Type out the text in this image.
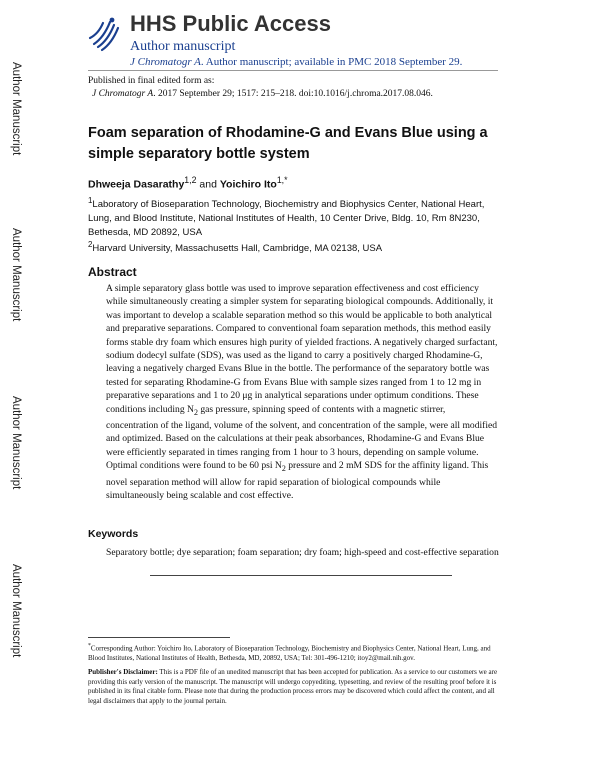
Author Manuscript
Author Manuscript
Author Manuscript
Author Manuscript
HHS Public Access
Author manuscript
J Chromatogr A. Author manuscript; available in PMC 2018 September 29.
Published in final edited form as:
J Chromatogr A. 2017 September 29; 1517: 215–218. doi:10.1016/j.chroma.2017.08.046.
Foam separation of Rhodamine-G and Evans Blue using a simple separatory bottle system
Dhweeja Dasarathy$^{1,2}$ and Yoichiro Ito$^{1,*}$
$^1$Laboratory of Bioseparation Technology, Biochemistry and Biophysics Center, National Heart, Lung, and Blood Institute, National Institutes of Health, 10 Center Drive, Bldg. 10, Rm 8N230, Bethesda, MD 20892, USA
$^2$Harvard University, Massachusetts Hall, Cambridge, MA 02138, USA
Abstract

A simple separatory glass bottle was used to improve separation effectiveness and cost efficiency while simultaneously creating a simpler system for separating biological compounds. Additionally, it was important to develop a scalable separation method so this would be applicable to both analytical and preparative separations. Compared to conventional foam separation methods, this method easily forms stable dry foam which ensures high purity of yielded fractions. A negatively charged surfactant, sodium dodecyl sulfate (SDS), was used as the ligand to carry a positively charged Rhodamine-G, leaving a negatively charged Evans Blue in the bottle. The performance of the separatory bottle was tested for separating Rhodamine-G from Evans Blue with sample sizes ranged from 1 to 12 mg in preparative separations and 1 to 20 μg in analytical separations under optimum conditions. These conditions including $N_2$ gas pressure, spinning speed of contents with a magnetic stirrer, concentration of the ligand, volume of the solvent, and concentration of the sample, were all modified and optimized. Based on the calculations at their peak absorbances, Rhodamine-G and Evans Blue were efficiently separated in times ranging from 1 hour to 3 hours, depending on sample volume. Optimal conditions were found to be 60 psi $N_2$ pressure and 2 mM SDS for the affinity ligand. This novel separation method will allow for rapid separation of biological compounds while simultaneously being scalable and cost effective.

Keywords

Separatory bottle; dye separation; foam separation; dry foam; high-speed and cost-effective separation

*Corresponding Author: Yoichiro Ito, Laboratory of Bioseparation Technology, Biochemistry and Biophysics Center, National Heart, Lung, and Blood Institutes, National Institutes of Health, Bethesda, MD, 20892, USA; Tel: 301-496-1210; itoy2@mail.nih.gov.

Publisher's Disclaimer: This is a PDF file of an unedited manuscript that has been accepted for publication. As a service to our customers we are providing this early version of the manuscript. The manuscript will undergo copyediting, typesetting, and review of the resulting proof before it is published in its final citable form. Please note that during the production process errors may be discovered which could affect the content, and all legal disclaimers that apply to the journal pertain.
